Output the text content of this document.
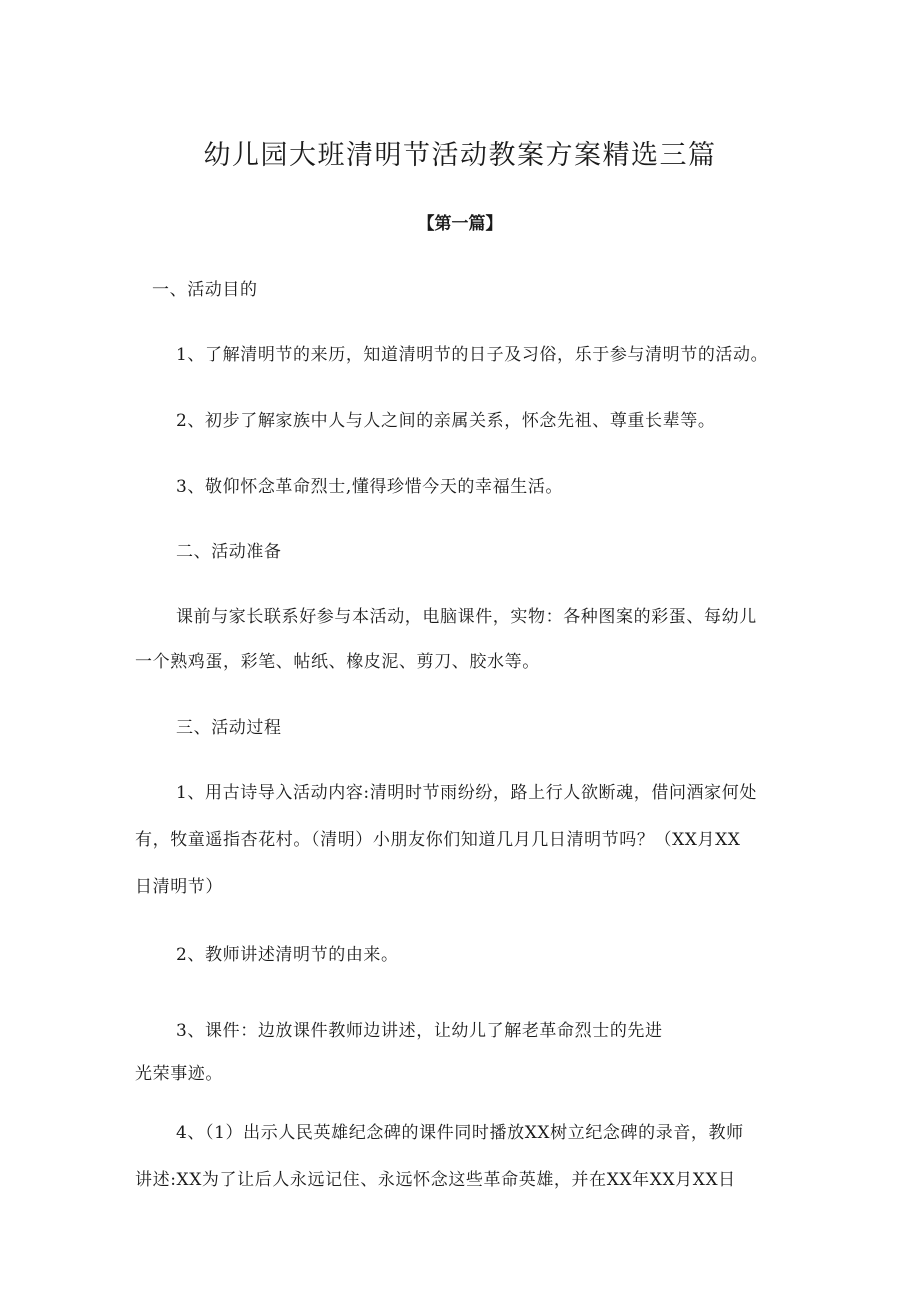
幼儿园大班清明节活动教案方案精选三篇
【第一篇】
一、活动目的
1、了解清明节的来历，知道清明节的日子及习俗，乐于参与清明节的活动。
2、初步了解家族中人与人之间的亲属关系，怀念先祖、尊重长辈等。
3、敬仰怀念革命烈士,懂得珍惜今天的幸福生活。
二、活动准备
课前与家长联系好参与本活动，电脑课件，实物：各种图案的彩蛋、每幼儿
一个熟鸡蛋，彩笔、帖纸、橡皮泥、剪刀、胶水等。
三、活动过程
1、用古诗导入活动内容:清明时节雨纷纷，路上行人欲断魂，借问酒家何处
有，牧童遥指杏花村。（清明）小朋友你们知道几月几日清明节吗？（XX月XX
日清明节）
2、教师讲述清明节的由来。
3、课件：边放课件教师边讲述，让幼儿了解老革命烈士的先进
光荣事迹。
4、（1）出示人民英雄纪念碑的课件同时播放XX树立纪念碑的录音，教师
讲述:XX为了让后人永远记住、永远怀念这些革命英雄，并在XX年XX月XX日
